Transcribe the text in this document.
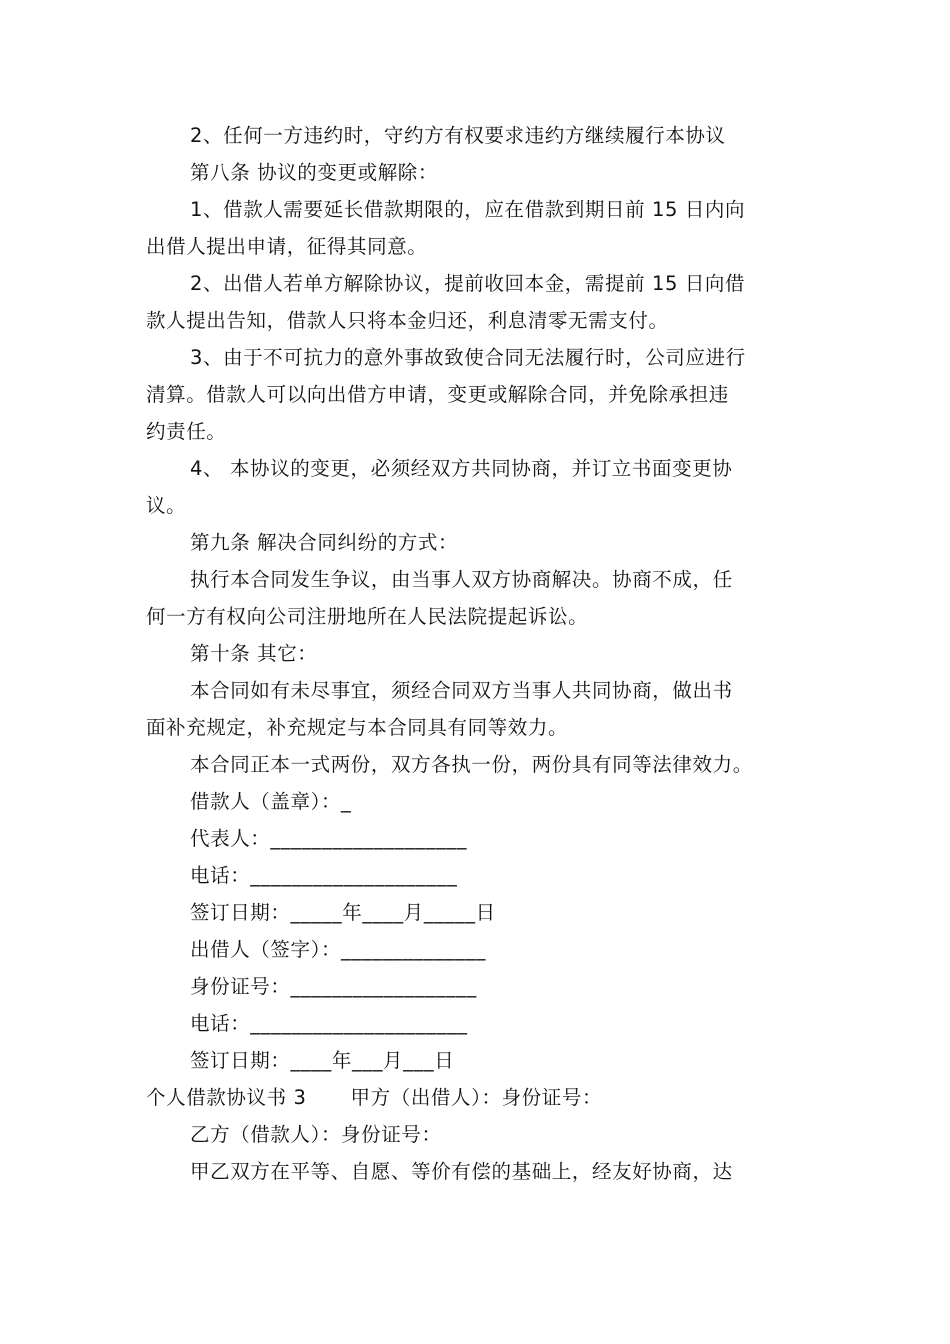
2、任何一方违约时，守约方有权要求违约方继续履行本协议
第八条 协议的变更或解除：
1、借款人需要延长借款期限的，应在借款到期日前 15 日内向
出借人提出申请，征得其同意。
2、出借人若单方解除协议，提前收回本金，需提前 15 日向借
款人提出告知，借款人只将本金归还，利息清零无需支付。
3、由于不可抗力的意外事故致使合同无法履行时，公司应进行
清算。借款人可以向出借方申请，变更或解除合同，并免除承担违
约责任。
4、 本协议的变更，必须经双方共同协商，并订立书面变更协
议。
第九条 解决合同纠纷的方式：
执行本合同发生争议，由当事人双方协商解决。协商不成，任
何一方有权向公司注册地所在人民法院提起诉讼。
第十条 其它：
本合同如有未尽事宜，须经合同双方当事人共同协商，做出书
面补充规定，补充规定与本合同具有同等效力。
本合同正本一式两份，双方各执一份，两份具有同等法律效力。
借款人（盖章）：_
代表人：___________________
电话：____________________
签订日期：_____年____月_____日
出借人（签字）：______________
身份证号：__________________
电话：_____________________
签订日期：____年___月___日
个人借款协议书 3 甲方（出借人）：身份证号：
乙方（借款人）：身份证号：
甲乙双方在平等、自愿、等价有偿的基础上，经友好协商，达
